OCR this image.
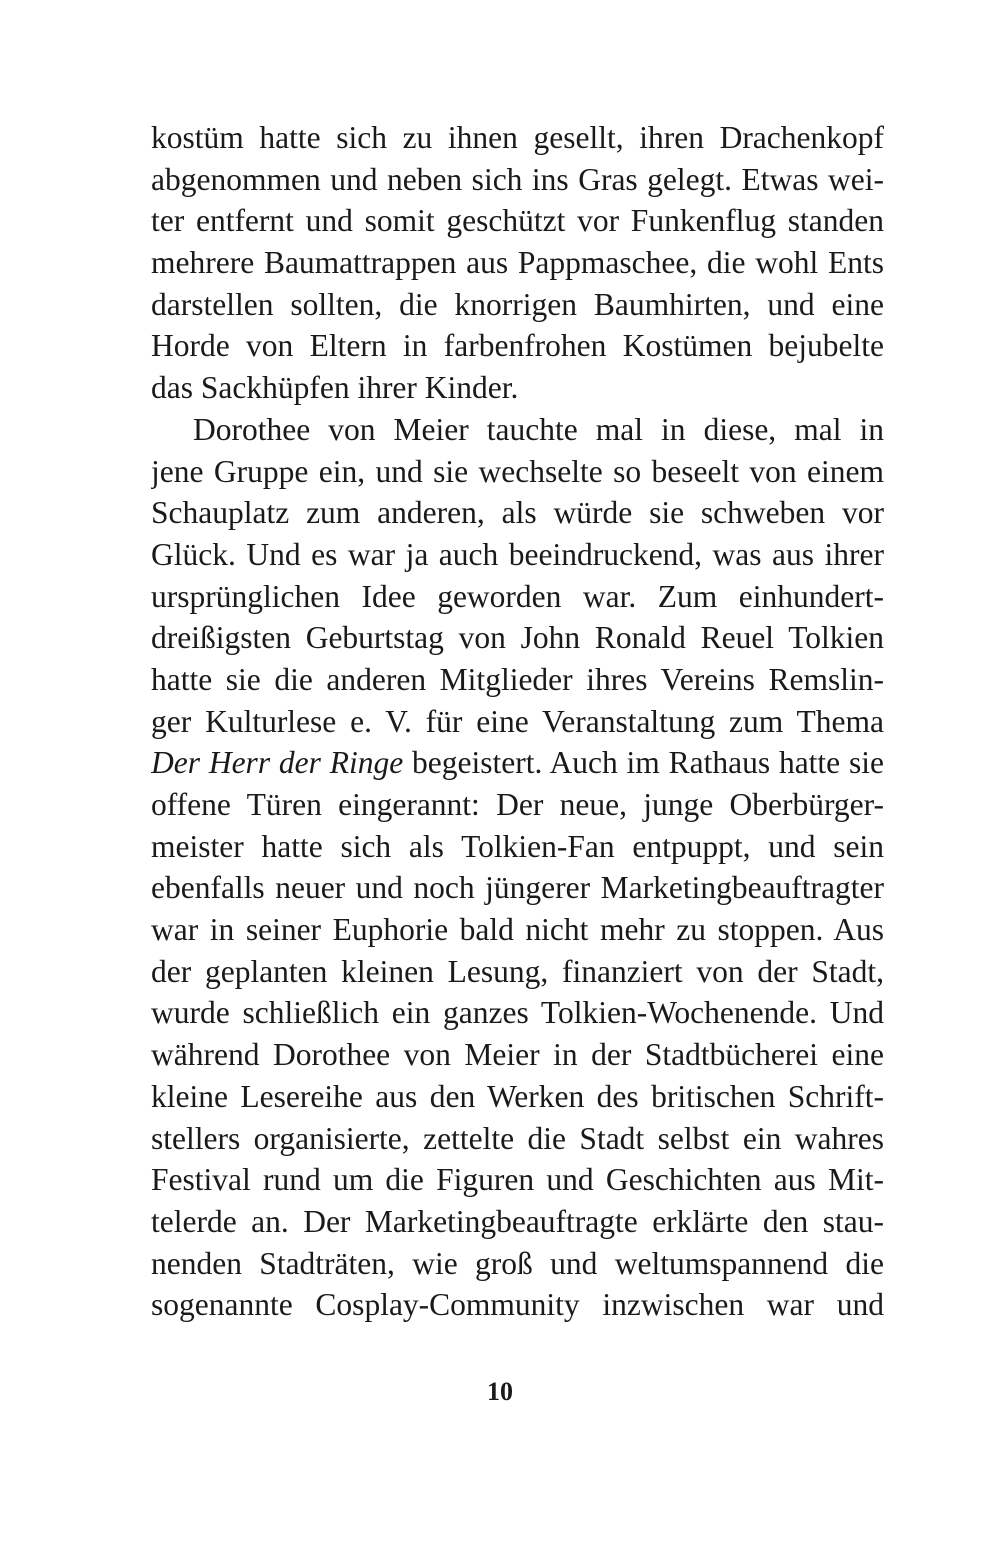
kostüm hatte sich zu ihnen gesellt, ihren Drachenkopf
abgenommen und neben sich ins Gras gelegt. Etwas wei-
ter entfernt und somit geschützt vor Funkenflug standen
mehrere Baumattrappen aus Pappmaschee, die wohl Ents
darstellen sollten, die knorrigen Baumhirten, und eine
Horde von Eltern in farbenfrohen Kostümen bejubelte
das Sackhüpfen ihrer Kinder.
Dorothee von Meier tauchte mal in diese, mal in
jene Gruppe ein, und sie wechselte so beseelt von einem
Schauplatz zum anderen, als würde sie schweben vor
Glück. Und es war ja auch beeindruckend, was aus ihrer
ursprünglichen Idee geworden war. Zum einhundert-
dreißigsten Geburtstag von John Ronald Reuel Tolkien
hatte sie die anderen Mitglieder ihres Vereins Remslin-
ger Kulturlese e. V. für eine Veranstaltung zum Thema
Der Herr der Ringe begeistert. Auch im Rathaus hatte sie
offene Türen eingerannt: Der neue, junge Oberbürger-
meister hatte sich als Tolkien-Fan entpuppt, und sein
ebenfalls neuer und noch jüngerer Marketingbeauftragter
war in seiner Euphorie bald nicht mehr zu stoppen. Aus
der geplanten kleinen Lesung, finanziert von der Stadt,
wurde schließlich ein ganzes Tolkien-Wochenende. Und
während Dorothee von Meier in der Stadtbücherei eine
kleine Lesereihe aus den Werken des britischen Schrift-
stellers organisierte, zettelte die Stadt selbst ein wahres
Festival rund um die Figuren und Geschichten aus Mit-
telerde an. Der Marketingbeauftragte erklärte den stau-
nenden Stadträten, wie groß und weltumspannend die
sogenannte Cosplay-Community inzwischen war und
10
